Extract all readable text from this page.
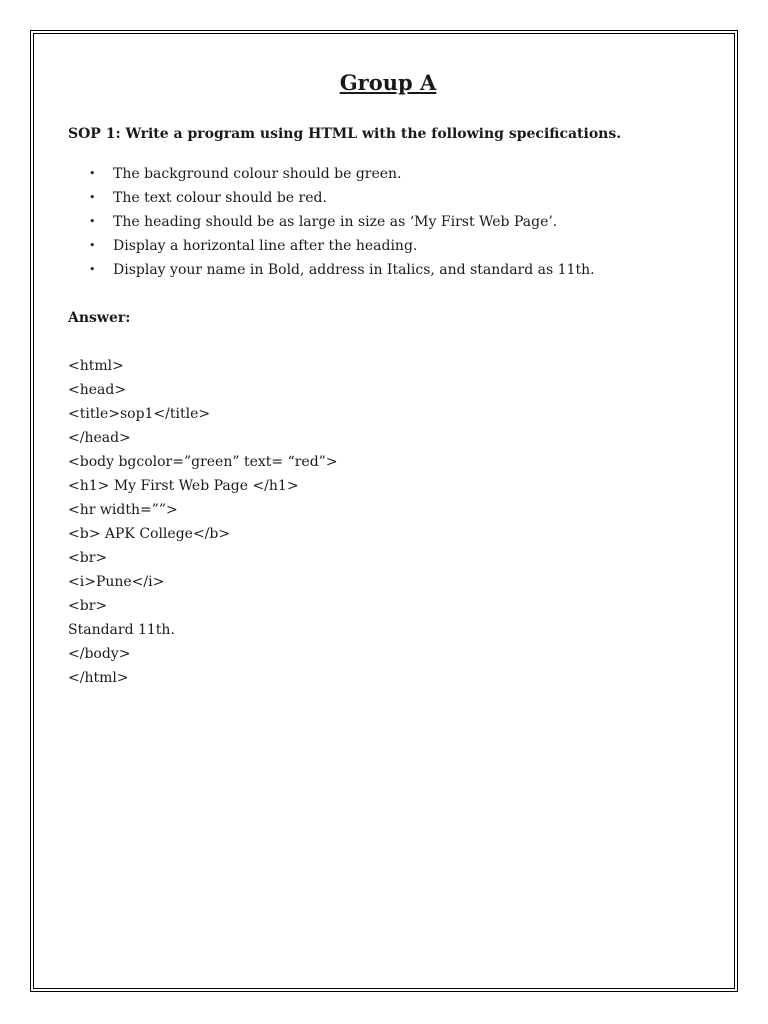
Group A
SOP 1: Write a program using HTML with the following specifications.
• The background colour should be green.
• The text colour should be red.
• The heading should be as large in size as ‘My First Web Page’.
• Display a horizontal line after the heading.
• Display your name in Bold, address in Italics, and standard as 11th.
Answer:
<html>
<head>
<title>sop1</title>
</head>
<body bgcolor=”green” text= “red”>
<h1> My First Web Page </h1>
<hr width=””>
<b> APK College</b>
<br>
<i>Pune</i>
<br>
Standard 11th.
</body>
</html>
